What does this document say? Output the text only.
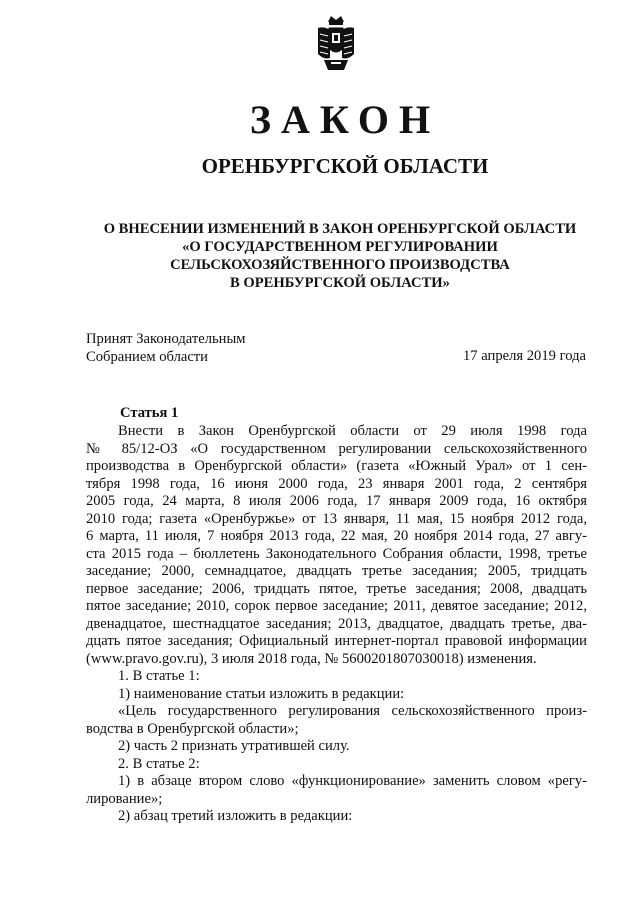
ЗАКОН
ОРЕНБУРГСКОЙ ОБЛАСТИ
О ВНЕСЕНИИ ИЗМЕНЕНИЙ В ЗАКОН ОРЕНБУРГСКОЙ ОБЛАСТИ
«О ГОСУДАРСТВЕННОМ РЕГУЛИРОВАНИИ
СЕЛЬСКОХОЗЯЙСТВЕННОГО ПРОИЗВОДСТВА
В ОРЕНБУРГСКОЙ ОБЛАСТИ»
Принят Законодательным
Собранием области	17 апреля 2019 года
Статья 1
Внести в Закон Оренбургской области от 29 июля 1998 года
№ 85/12-ОЗ «О государственном регулировании сельскохозяйственного
производства в Оренбургской области» (газета «Южный Урал» от 1 сен-
тября 1998 года, 16 июня 2000 года, 23 января 2001 года, 2 сентября
2005 года, 24 марта, 8 июля 2006 года, 17 января 2009 года, 16 октября
2010 года; газета «Оренбуржье» от 13 января, 11 мая, 15 ноября 2012 года,
6 марта, 11 июля, 7 ноября 2013 года, 22 мая, 20 ноября 2014 года, 27 авгу-
ста 2015 года – бюллетень Законодательного Собрания области, 1998, третье
заседание; 2000, семнадцатое, двадцать третье заседания; 2005, тридцать
первое заседание; 2006, тридцать пятое, третье заседания; 2008, двадцать
пятое заседание; 2010, сорок первое заседание; 2011, девятое заседание; 2012,
двенадцатое, шестнадцатое заседания; 2013, двадцатое, двадцать третье, два-
дцать пятое заседания; Официальный интернет-портал правовой информации
(www.pravo.gov.ru), 3 июля 2018 года, № 5600201807030018) изменения.
1. В статье 1:
1) наименование статьи изложить в редакции:
«Цель государственного регулирования сельскохозяйственного произ-
водства в Оренбургской области»;
2) часть 2 признать утратившей силу.
2. В статье 2:
1) в абзаце втором слово «функционирование» заменить словом «регу-
лирование»;
2) абзац третий изложить в редакции:
